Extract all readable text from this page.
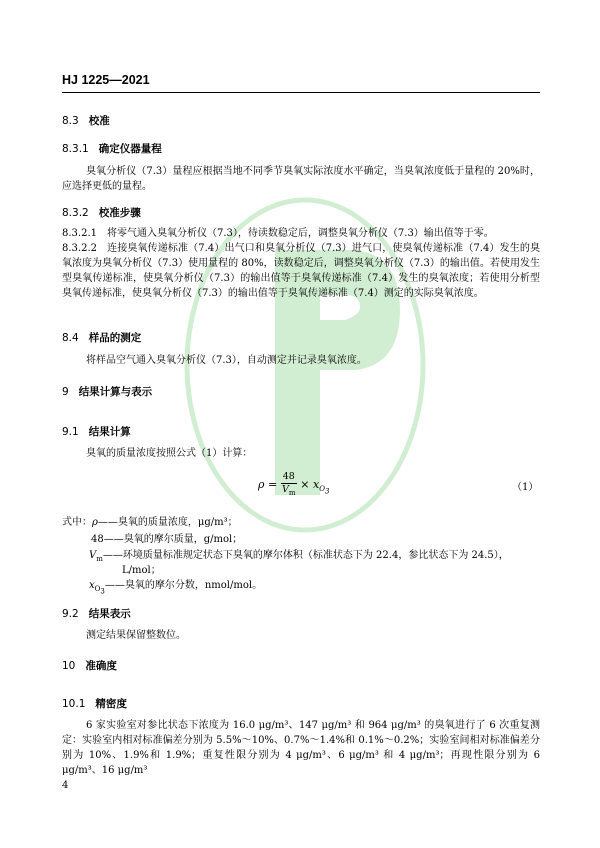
HJ 1225—2021
8.3 校准
8.3.1 确定仪器量程
臭氧分析仪（7.3）量程应根据当地不同季节臭氧实际浓度水平确定，当臭氧浓度低于量程的 20%时，应选择更低的量程。
8.3.2 校准步骤
8.3.2.1 将零气通入臭氧分析仪（7.3），待读数稳定后，调整臭氧分析仪（7.3）输出值等于零。
8.3.2.2 连接臭氧传递标准（7.4）出气口和臭氧分析仪（7.3）进气口，使臭氧传递标准（7.4）发生的臭氧浓度为臭氧分析仪（7.3）使用量程的 80%，读数稳定后，调整臭氧分析仪（7.3）的输出值。若使用发生型臭氧传递标准，使臭氧分析仪（7.3）的输出值等于臭氧传递标准（7.4）发生的臭氧浓度；若使用分析型臭氧传递标准，使臭氧分析仪（7.3）的输出值等于臭氧传递标准（7.4）测定的实际臭氧浓度。
8.4 样品的测定
将样品空气通入臭氧分析仪（7.3），自动测定并记录臭氧浓度。
9 结果计算与表示
9.1 结果计算
臭氧的质量浓度按照公式（1）计算：
$\rho = \frac{48}{V_m} \times x_{O_3}$	（1）
式中：ρ——臭氧的质量浓度，μg/m³；
48——臭氧的摩尔质量，g/mol；
$V_m——$环境质量标准规定状态下臭氧的摩尔体积（标准状态下为 22.4，参比状态下为 24.5），
L/mol；
$x_{O_3}——$臭氧的摩尔分数，nmol/mol。
9.2 结果表示
测定结果保留整数位。
10 准确度
10.1 精密度
6 家实验室对参比状态下浓度为 16.0 μg/m³、147 μg/m³ 和 964 μg/m³ 的臭氧进行了 6 次重复测定：实验室内相对标准偏差分别为 5.5%～10%、0.7%～1.4%和 0.1%～0.2%；实验室间相对标准偏差分别为 10%、1.9%和 1.9%；重复性限分别为 4 μg/m³、6 μg/m³ 和 4 μg/m³；再现性限分别为 6 μg/m³、16 μg/m³
4
